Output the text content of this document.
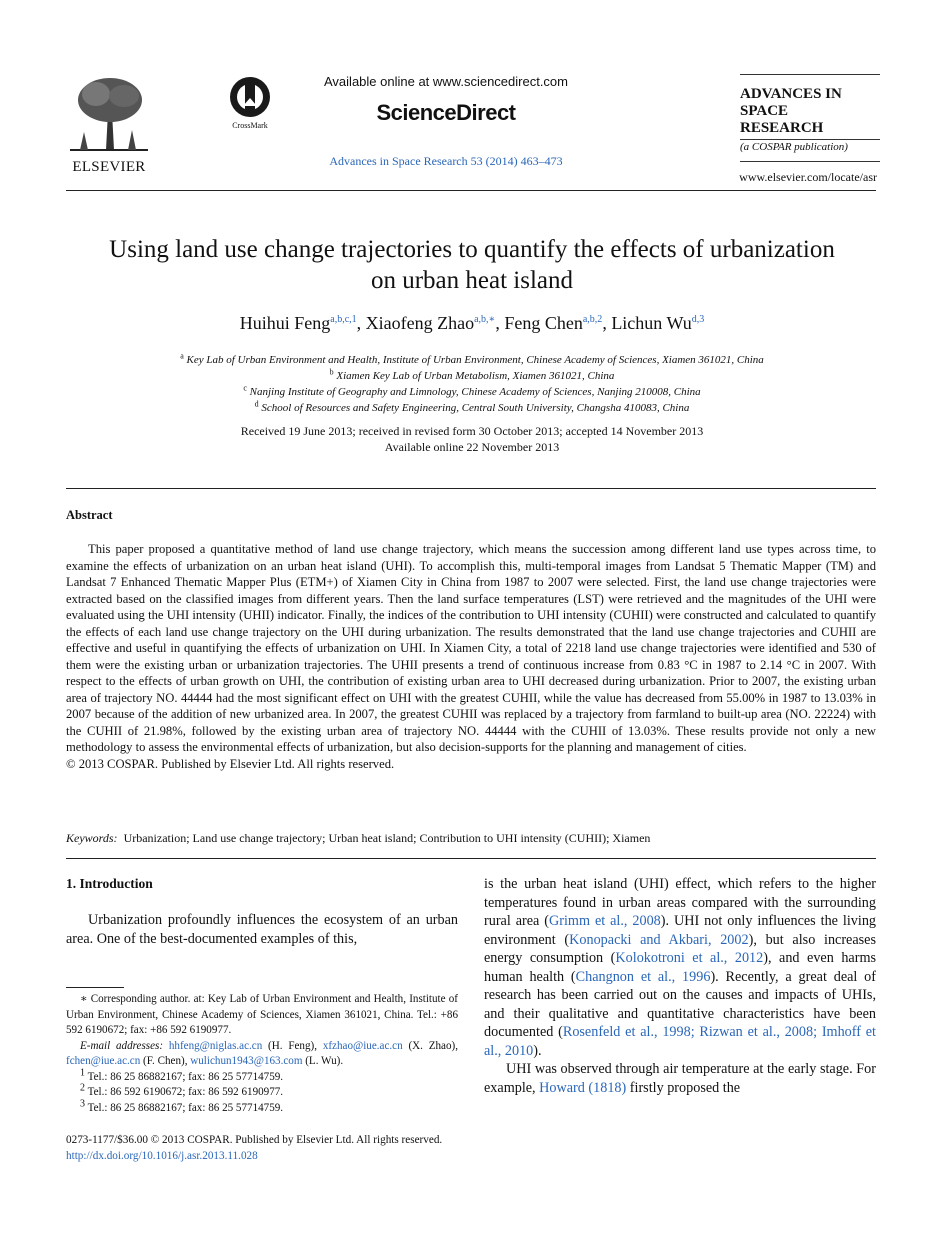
ELSEVIER
CrossMark
Available online at www.sciencedirect.com
ScienceDirect
Advances in Space Research 53 (2014) 463–473
ADVANCES IN
SPACE
RESEARCH
(a COSPAR publication)
www.elsevier.com/locate/asr
Using land use change trajectories to quantify the effects of urbanization
on urban heat island
Huihui Feng$^{a,b,c,1}$, Xiaofeng Zhao$^{a,b,∗}$, Feng Chen$^{a,b,2}$, Lichun Wu$^{d,3}$
$^a$ Key Lab of Urban Environment and Health, Institute of Urban Environment, Chinese Academy of Sciences, Xiamen 361021, China
$^b$ Xiamen Key Lab of Urban Metabolism, Xiamen 361021, China
$^c$ Nanjing Institute of Geography and Limnology, Chinese Academy of Sciences, Nanjing 210008, China
$^d$ School of Resources and Safety Engineering, Central South University, Changsha 410083, China
Received 19 June 2013; received in revised form 30 October 2013; accepted 14 November 2013
Available online 22 November 2013
Abstract
This paper proposed a quantitative method of land use change trajectory, which means the succession among different land use types across time, to examine the effects of urbanization on an urban heat island (UHI). To accomplish this, multi-temporal images from Landsat 5 Thematic Mapper (TM) and Landsat 7 Enhanced Thematic Mapper Plus (ETM+) of Xiamen City in China from 1987 to 2007 were selected. First, the land use change trajectories were extracted based on the classified images from different years. Then the land surface temperatures (LST) were retrieved and the magnitudes of the UHI were evaluated using the UHI intensity (UHII) indicator. Finally, the indices of the contribution to UHI intensity (CUHII) were constructed and calculated to quantify the effects of each land use change trajectory on the UHI during urbanization. The results demonstrated that the land use change trajectories and CUHII are effective and useful in quantifying the effects of urbanization on UHI. In Xiamen City, a total of 2218 land use change trajectories were identified and 530 of them were the existing urban or urbanization trajectories. The UHII presents a trend of continuous increase from 0.83 °C in 1987 to 2.14 °C in 2007. With respect to the effects of urban growth on UHI, the contribution of existing urban area to UHI decreased during urbanization. Prior to 2007, the existing urban area of trajectory NO. 44444 had the most significant effect on UHI with the greatest CUHII, while the value has decreased from 55.00% in 1987 to 13.03% in 2007 because of the addition of new urbanized area. In 2007, the greatest CUHII was replaced by a trajectory from farmland to built-up area (NO. 22224) with the CUHII of 21.98%, followed by the existing urban area of trajectory NO. 44444 with the CUHII of 13.03%. These results provide not only a new methodology to assess the environmental effects of urbanization, but also decision-supports for the planning and management of cities.
© 2013 COSPAR. Published by Elsevier Ltd. All rights reserved.
Keywords: Urbanization; Land use change trajectory; Urban heat island; Contribution to UHI intensity (CUHII); Xiamen
1. Introduction
Urbanization profoundly influences the ecosystem of an urban area. One of the best-documented examples of this,
∗ Corresponding author. at: Key Lab of Urban Environment and Health, Institute of Urban Environment, Chinese Academy of Sciences, Xiamen 361021, China. Tel.: +86 592 6190672; fax: +86 592 6190977.
E-mail addresses: hhfeng@niglas.ac.cn (H. Feng), xfzhao@iue.ac.cn (X. Zhao), fchen@iue.ac.cn (F. Chen), wulichun1943@163.com (L. Wu).
$^1$ Tel.: 86 25 86882167; fax: 86 25 57714759.
$^2$ Tel.: 86 592 6190672; fax: 86 592 6190977.
$^3$ Tel.: 86 25 86882167; fax: 86 25 57714759.
is the urban heat island (UHI) effect, which refers to the higher temperatures found in urban areas compared with the surrounding rural area (Grimm et al., 2008). UHI not only influences the living environment (Konopacki and Akbari, 2002), but also increases energy consumption (Kolokotroni et al., 2012), and even harms human health (Changnon et al., 1996). Recently, a great deal of research has been carried out on the causes and impacts of UHIs, and their qualitative and quantitative characteristics have been documented (Rosenfeld et al., 1998; Rizwan et al., 2008; Imhoff et al., 2010).
UHI was observed through air temperature at the early stage. For example, Howard (1818) firstly proposed the
0273-1177/$36.00 © 2013 COSPAR. Published by Elsevier Ltd. All rights reserved.
http://dx.doi.org/10.1016/j.asr.2013.11.028
